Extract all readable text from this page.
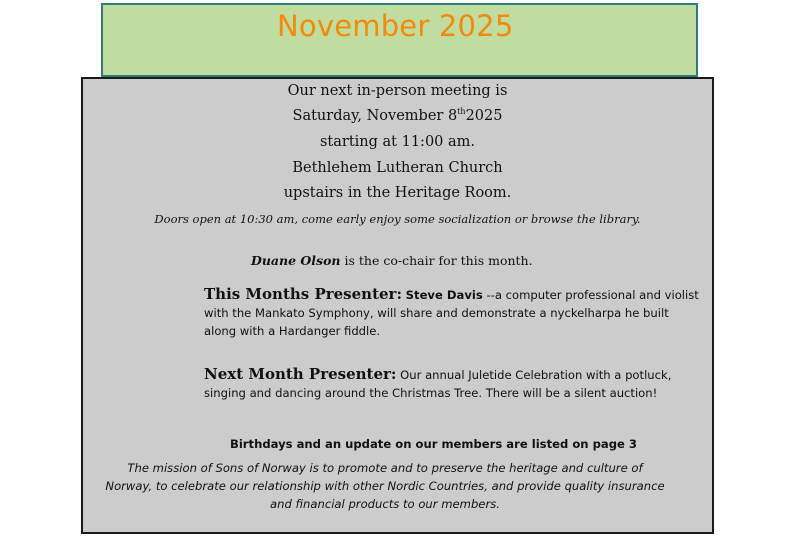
November 2025
Our next in-person meeting is
Saturday, November 8th2025
starting at 11:00 am.
Bethlehem Lutheran Church
upstairs in the Heritage Room.
Doors open at 10:30 am, come early enjoy some socialization or browse the library.
Duane Olson is the co-chair for this month.
This Months Presenter: Steve Davis --a computer professional and violist with the Mankato Symphony, will share and demonstrate a nyckelharpa he built along with a Hardanger fiddle.
Next Month Presenter: Our annual Juletide Celebration with a potluck, singing and dancing around the Christmas Tree. There will be a silent auction!
Birthdays and an update on our members are listed on page 3
The mission of Sons of Norway is to promote and to preserve the heritage and culture of Norway, to celebrate our relationship with other Nordic Countries, and provide quality insurance and financial products to our members.
